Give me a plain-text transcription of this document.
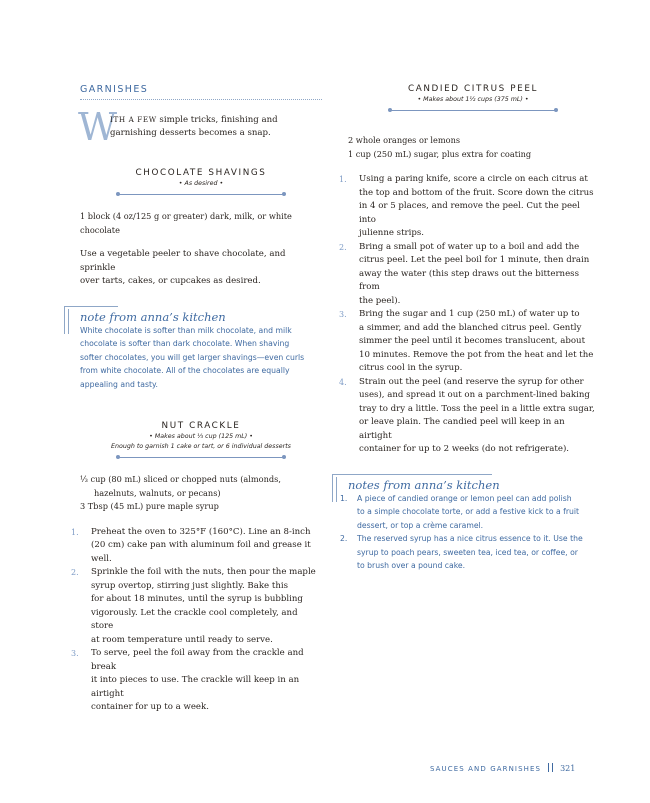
GARNISHES
W
ITH A FEW simple tricks, finishing and
garnishing desserts becomes a snap.
CHOCOLATE SHAVINGS
• As desired •

1 block (4 oz/125 g or greater) dark, milk, or white chocolate

Use a vegetable peeler to shave chocolate, and sprinkle

over tarts, cakes, or cupcakes as desired.

note from anna’s kitchen

White chocolate is softer than milk chocolate, and milk

chocolate is softer than dark chocolate. When shaving

softer chocolates, you will get larger shavings—even curls

from white chocolate. All of the chocolates are equally

appealing and tasty.

NUT CRACKLE
• Makes about ⅓ cup (125 mL) •
Enough to garnish 1 cake or tart, or 6 individual desserts

⅓ cup (80 mL) sliced or chopped nuts (almonds, hazelnuts, walnuts, or pecans)

3 Tbsp (45 mL) pure maple syrup

1. Preheat the oven to 325°F (160°C). Line an 8-inch
(20 cm) cake pan with aluminum foil and grease it well.
2. Sprinkle the foil with the nuts, then pour the maple
syrup overtop, stirring just slightly. Bake this
for about 18 minutes, until the syrup is bubbling
vigorously. Let the crackle cool completely, and store
at room temperature until ready to serve.
3. To serve, peel the foil away from the crackle and break
it into pieces to use. The crackle will keep in an airtight
container for up to a week.
CANDIED CITRUS PEEL
• Makes about 1½ cups (375 mL) •

2 whole oranges or lemons

1 cup (250 mL) sugar, plus extra for coating

1. Using a paring knife, score a circle on each citrus at
the top and bottom of the fruit. Score down the citrus
in 4 or 5 places, and remove the peel. Cut the peel into
julienne strips.
2. Bring a small pot of water up to a boil and add the
citrus peel. Let the peel boil for 1 minute, then drain
away the water (this step draws out the bitterness from
the peel).
3. Bring the sugar and 1 cup (250 mL) of water up to
a simmer, and add the blanched citrus peel. Gently
simmer the peel until it becomes translucent, about
10 minutes. Remove the pot from the heat and let the
citrus cool in the syrup.
4. Strain out the peel (and reserve the syrup for other
uses), and spread it out on a parchment-lined baking
tray to dry a little. Toss the peel in a little extra sugar,
or leave plain. The candied peel will keep in an airtight
container for up to 2 weeks (do not refrigerate).

notes from anna’s kitchen

1. A piece of candied orange or lemon peel can add polish
to a simple chocolate torte, or add a festive kick to a fruit
dessert, or top a crème caramel.
2. The reserved syrup has a nice citrus essence to it. Use the
syrup to poach pears, sweeten tea, iced tea, or coffee, or
to brush over a pound cake.
SAUCES AND GARNISHES 321
